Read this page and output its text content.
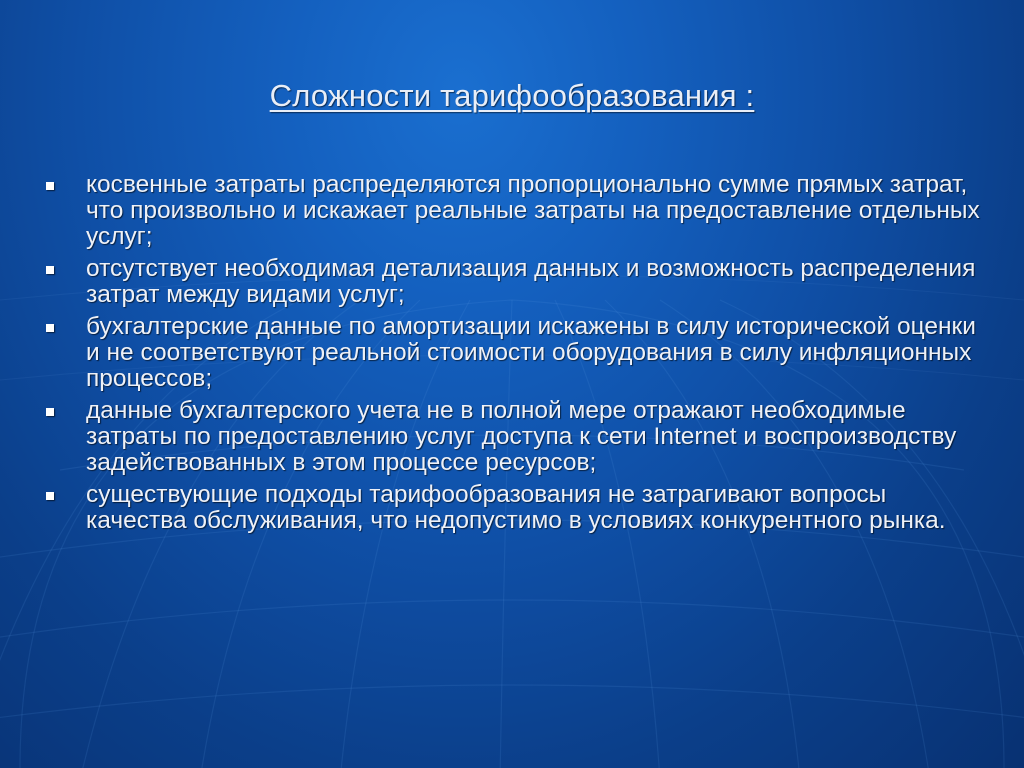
Сложности тарифообразования :
косвенные затраты распределяются пропорционально сумме прямых затрат, что произвольно и искажает реальные затраты на предоставление отдельных услуг;
отсутствует необходимая детализация данных и возможность распределения затрат между видами услуг;
бухгалтерские данные по амортизации искажены в силу исторической оценки и не соответствуют реальной стоимости оборудования в силу инфляционных процессов;
данные бухгалтерского учета не в полной мере отражают необходимые затраты по предоставлению услуг доступа к сети Internet и воспроизводству задействованных в этом процессе ресурсов;
существующие подходы тарифообразования не затрагивают вопросы качества обслуживания, что недопустимо в условиях конкурентного рынка.
